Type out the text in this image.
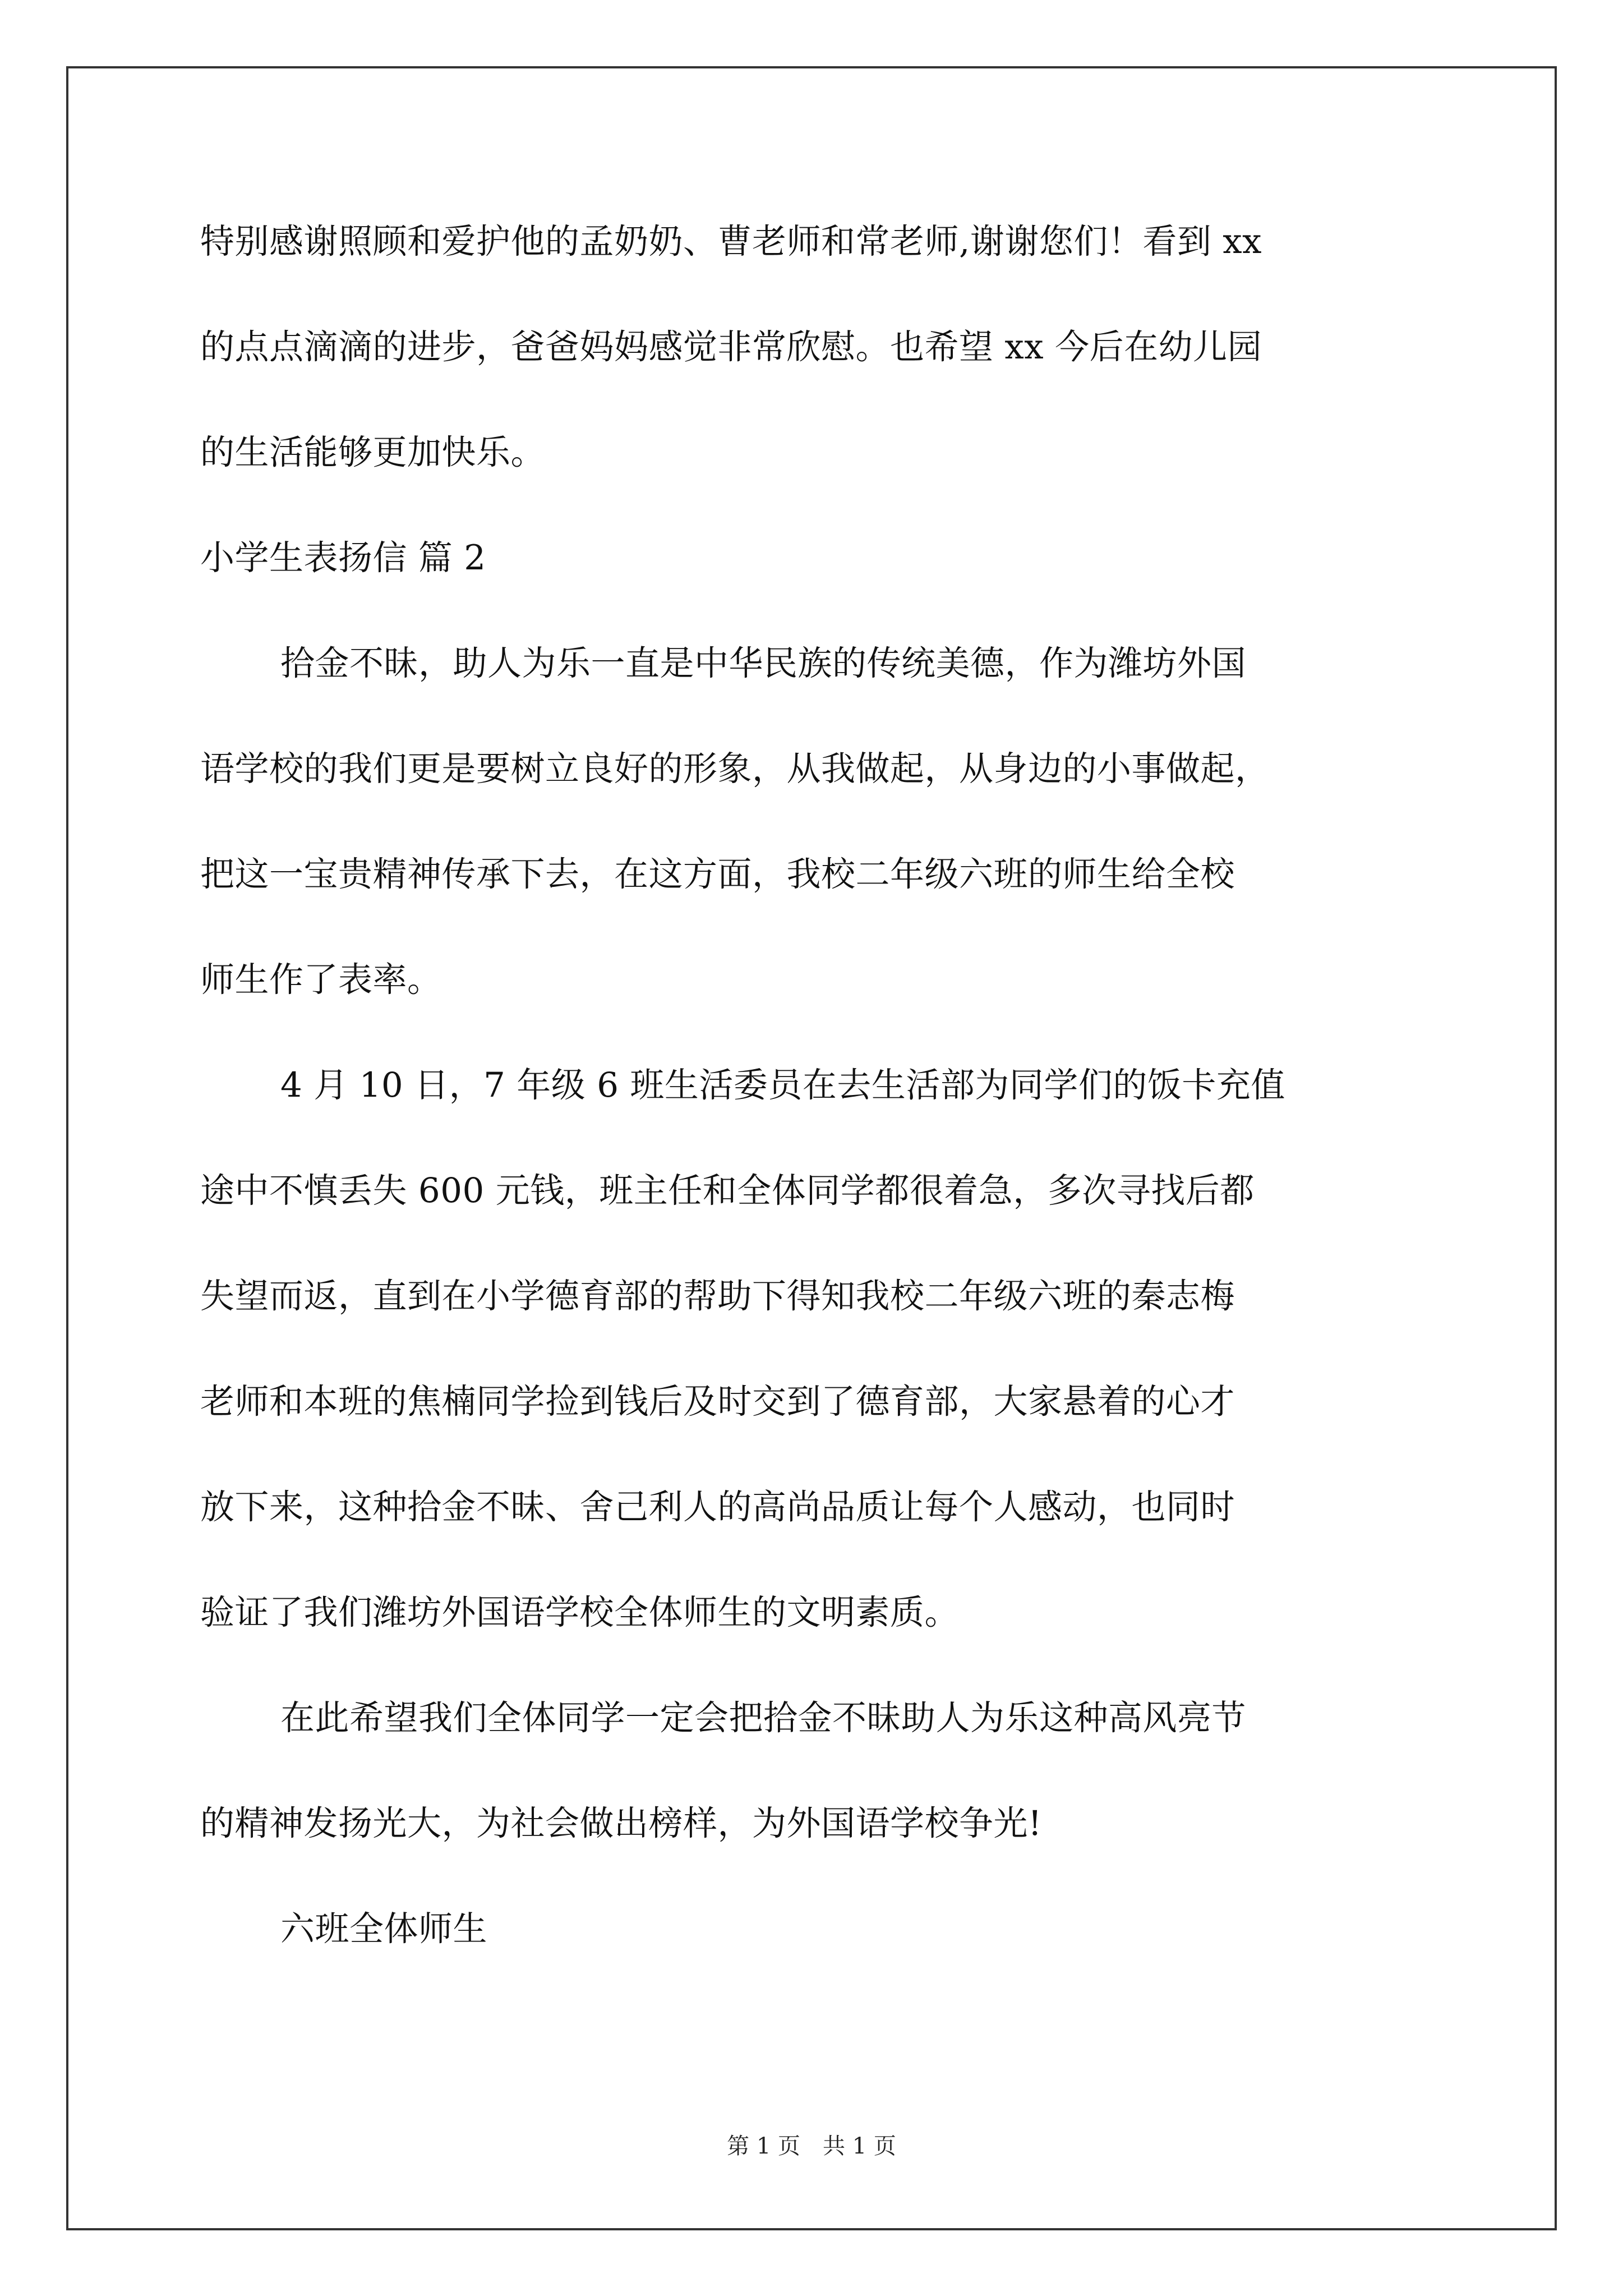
特别感谢照顾和爱护他的孟奶奶、曹老师和常老师,谢谢您们！看到 xx
的点点滴滴的进步，爸爸妈妈感觉非常欣慰。也希望 xx 今后在幼儿园
的生活能够更加快乐。
小学生表扬信 篇 2
拾金不昧，助人为乐一直是中华民族的传统美德，作为潍坊外国
语学校的我们更是要树立良好的形象，从我做起，从身边的小事做起，
把这一宝贵精神传承下去，在这方面，我校二年级六班的师生给全校
师生作了表率。
4 月 10 日，7 年级 6 班生活委员在去生活部为同学们的饭卡充值
途中不慎丢失 600 元钱，班主任和全体同学都很着急，多次寻找后都
失望而返，直到在小学德育部的帮助下得知我校二年级六班的秦志梅
老师和本班的焦楠同学捡到钱后及时交到了德育部，大家悬着的心才
放下来，这种拾金不昧、舍己利人的高尚品质让每个人感动，也同时
验证了我们潍坊外国语学校全体师生的文明素质。
在此希望我们全体同学一定会把拾金不昧助人为乐这种高风亮节
的精神发扬光大，为社会做出榜样，为外国语学校争光!
六班全体师生
第 1 页 共 1 页
